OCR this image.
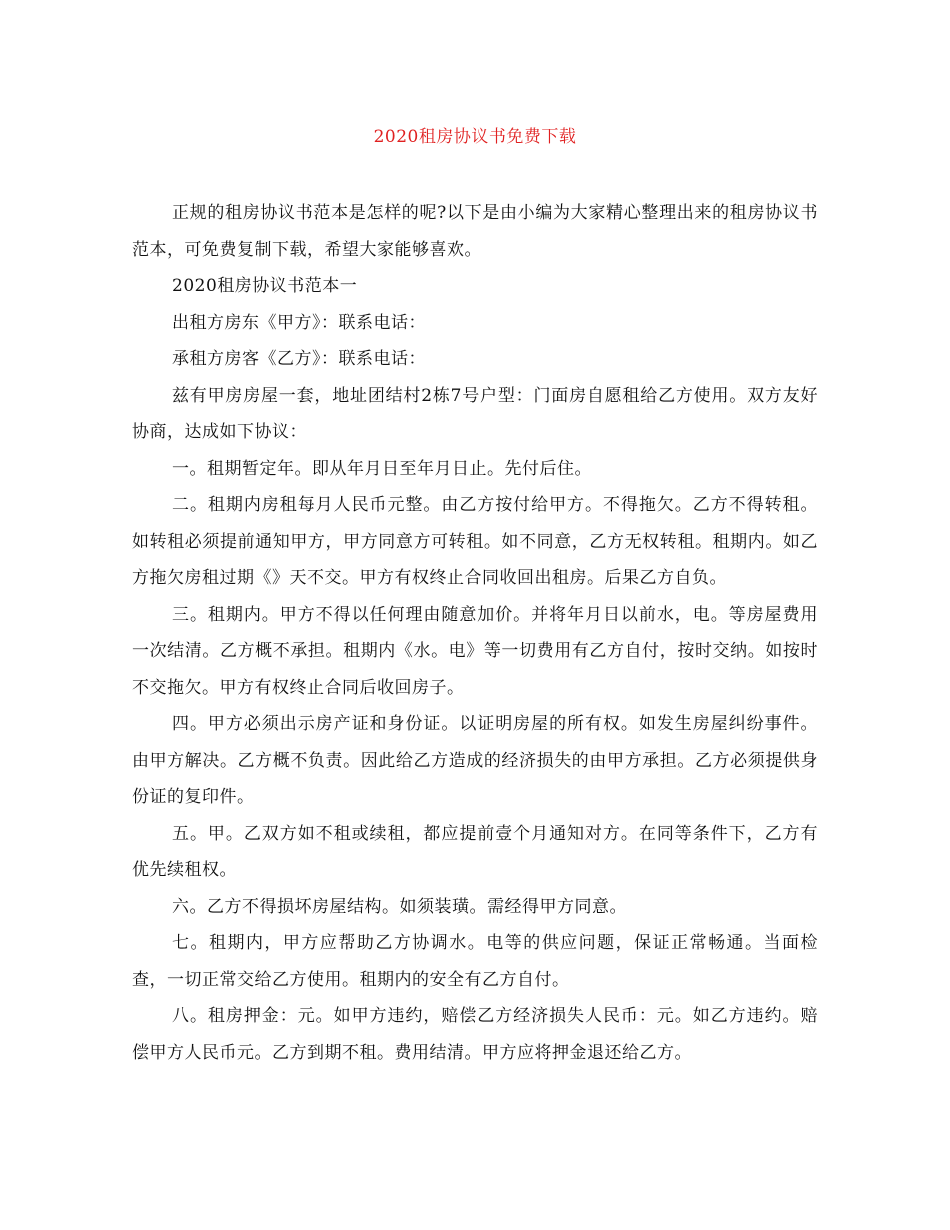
2020租房协议书免费下载

正规的租房协议书范本是怎样的呢?以下是由小编为大家精心整理出来的租房协议书范本，可免费复制下载，希望大家能够喜欢。

2020租房协议书范本一

出租方房东《甲方》：联系电话：

承租方房客《乙方》：联系电话：

兹有甲房房屋一套，地址团结村2栋7号户型：门面房自愿租给乙方使用。双方友好协商，达成如下协议：

一。租期暂定年。即从年月日至年月日止。先付后住。

二。租期内房租每月人民币元整。由乙方按付给甲方。不得拖欠。乙方不得转租。如转租必须提前通知甲方，甲方同意方可转租。如不同意，乙方无权转租。租期内。如乙方拖欠房租过期《》天不交。甲方有权终止合同收回出租房。后果乙方自负。

三。租期内。甲方不得以任何理由随意加价。并将年月日以前水，电。等房屋费用一次结清。乙方概不承担。租期内《水。电》等一切费用有乙方自付，按时交纳。如按时不交拖欠。甲方有权终止合同后收回房子。

四。甲方必须出示房产证和身份证。以证明房屋的所有权。如发生房屋纠纷事件。由甲方解决。乙方概不负责。因此给乙方造成的经济损失的由甲方承担。乙方必须提供身份证的复印件。

五。甲。乙双方如不租或续租，都应提前壹个月通知对方。在同等条件下，乙方有优先续租权。

六。乙方不得损坏房屋结构。如须装璜。需经得甲方同意。

七。租期内，甲方应帮助乙方协调水。电等的供应问题，保证正常畅通。当面检查，一切正常交给乙方使用。租期内的安全有乙方自付。

八。租房押金：元。如甲方违约，赔偿乙方经济损失人民币：元。如乙方违约。赔偿甲方人民币元。乙方到期不租。费用结清。甲方应将押金退还给乙方。
